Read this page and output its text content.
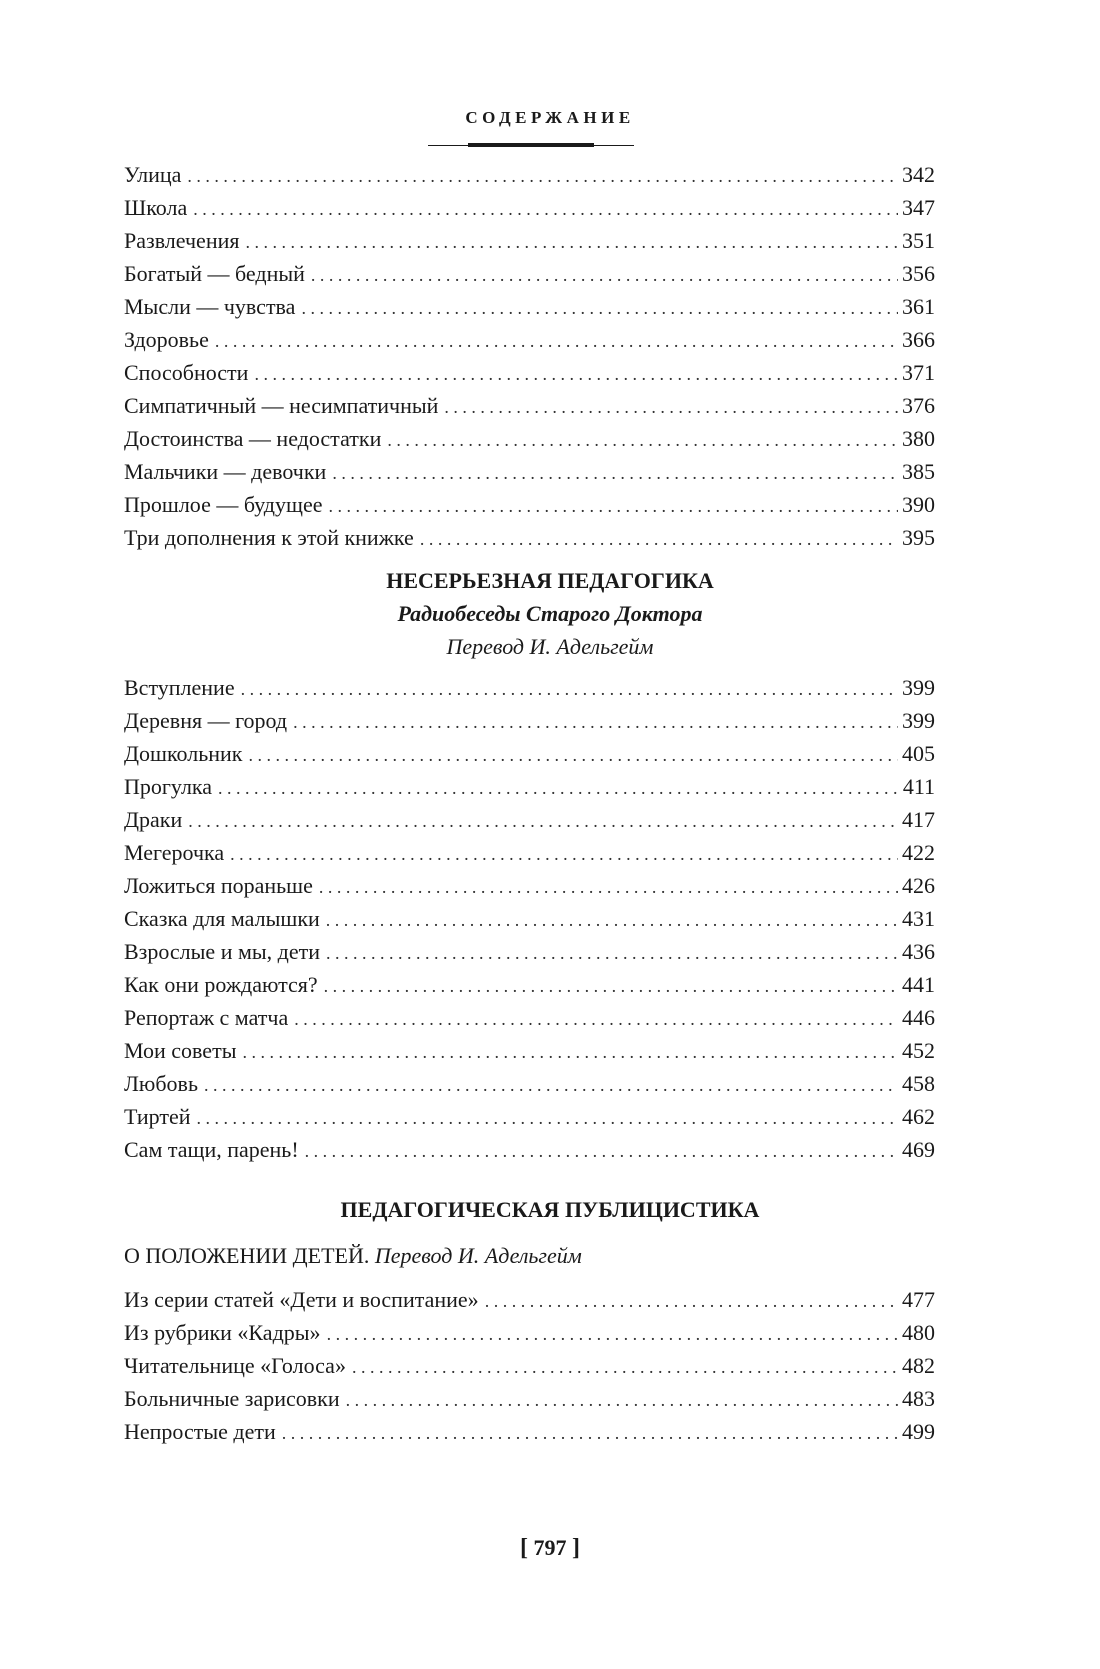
СОДЕРЖАНИЕ
Улица . . .	342
Школа . . .	347
Развлечения . . .	351
Богатый — бедный . . .	356
Мысли — чувства . . .	361
Здоровье . . .	366
Способности . . .	371
Симпатичный — несимпатичный . . .	376
Достоинства — недостатки . . .	380
Мальчики — девочки . . .	385
Прошлое — будущее . . .	390
Три дополнения к этой книжке . . .	395
НЕСЕРЬЕЗНАЯ ПЕДАГОГИКА
Радиобеседы Старого Доктора
Перевод И. Адельгейм
Вступление . . .	399
Деревня — город . . .	399
Дошкольник . . .	405
Прогулка . . .	411
Драки . . .	417
Мегерочка . . .	422
Ложиться пораньше . . .	426
Сказка для малышки . . .	431
Взрослые и мы, дети . . .	436
Как они рождаются? . . .	441
Репортаж с матча . . .	446
Мои советы . . .	452
Любовь . . .	458
Тиртей . . .	462
Сам тащи, парень! . . .	469
ПЕДАГОГИЧЕСКАЯ ПУБЛИЦИСТИКА
О ПОЛОЖЕНИИ ДЕТЕЙ. Перевод И. Адельгейм
Из серии статей «Дети и воспитание» . . .	477
Из рубрики «Кадры» . . .	480
Читательнице «Голоса» . . .	482
Больничные зарисовки . . .	483
Непростые дети . . .	499
[ 797 ]
